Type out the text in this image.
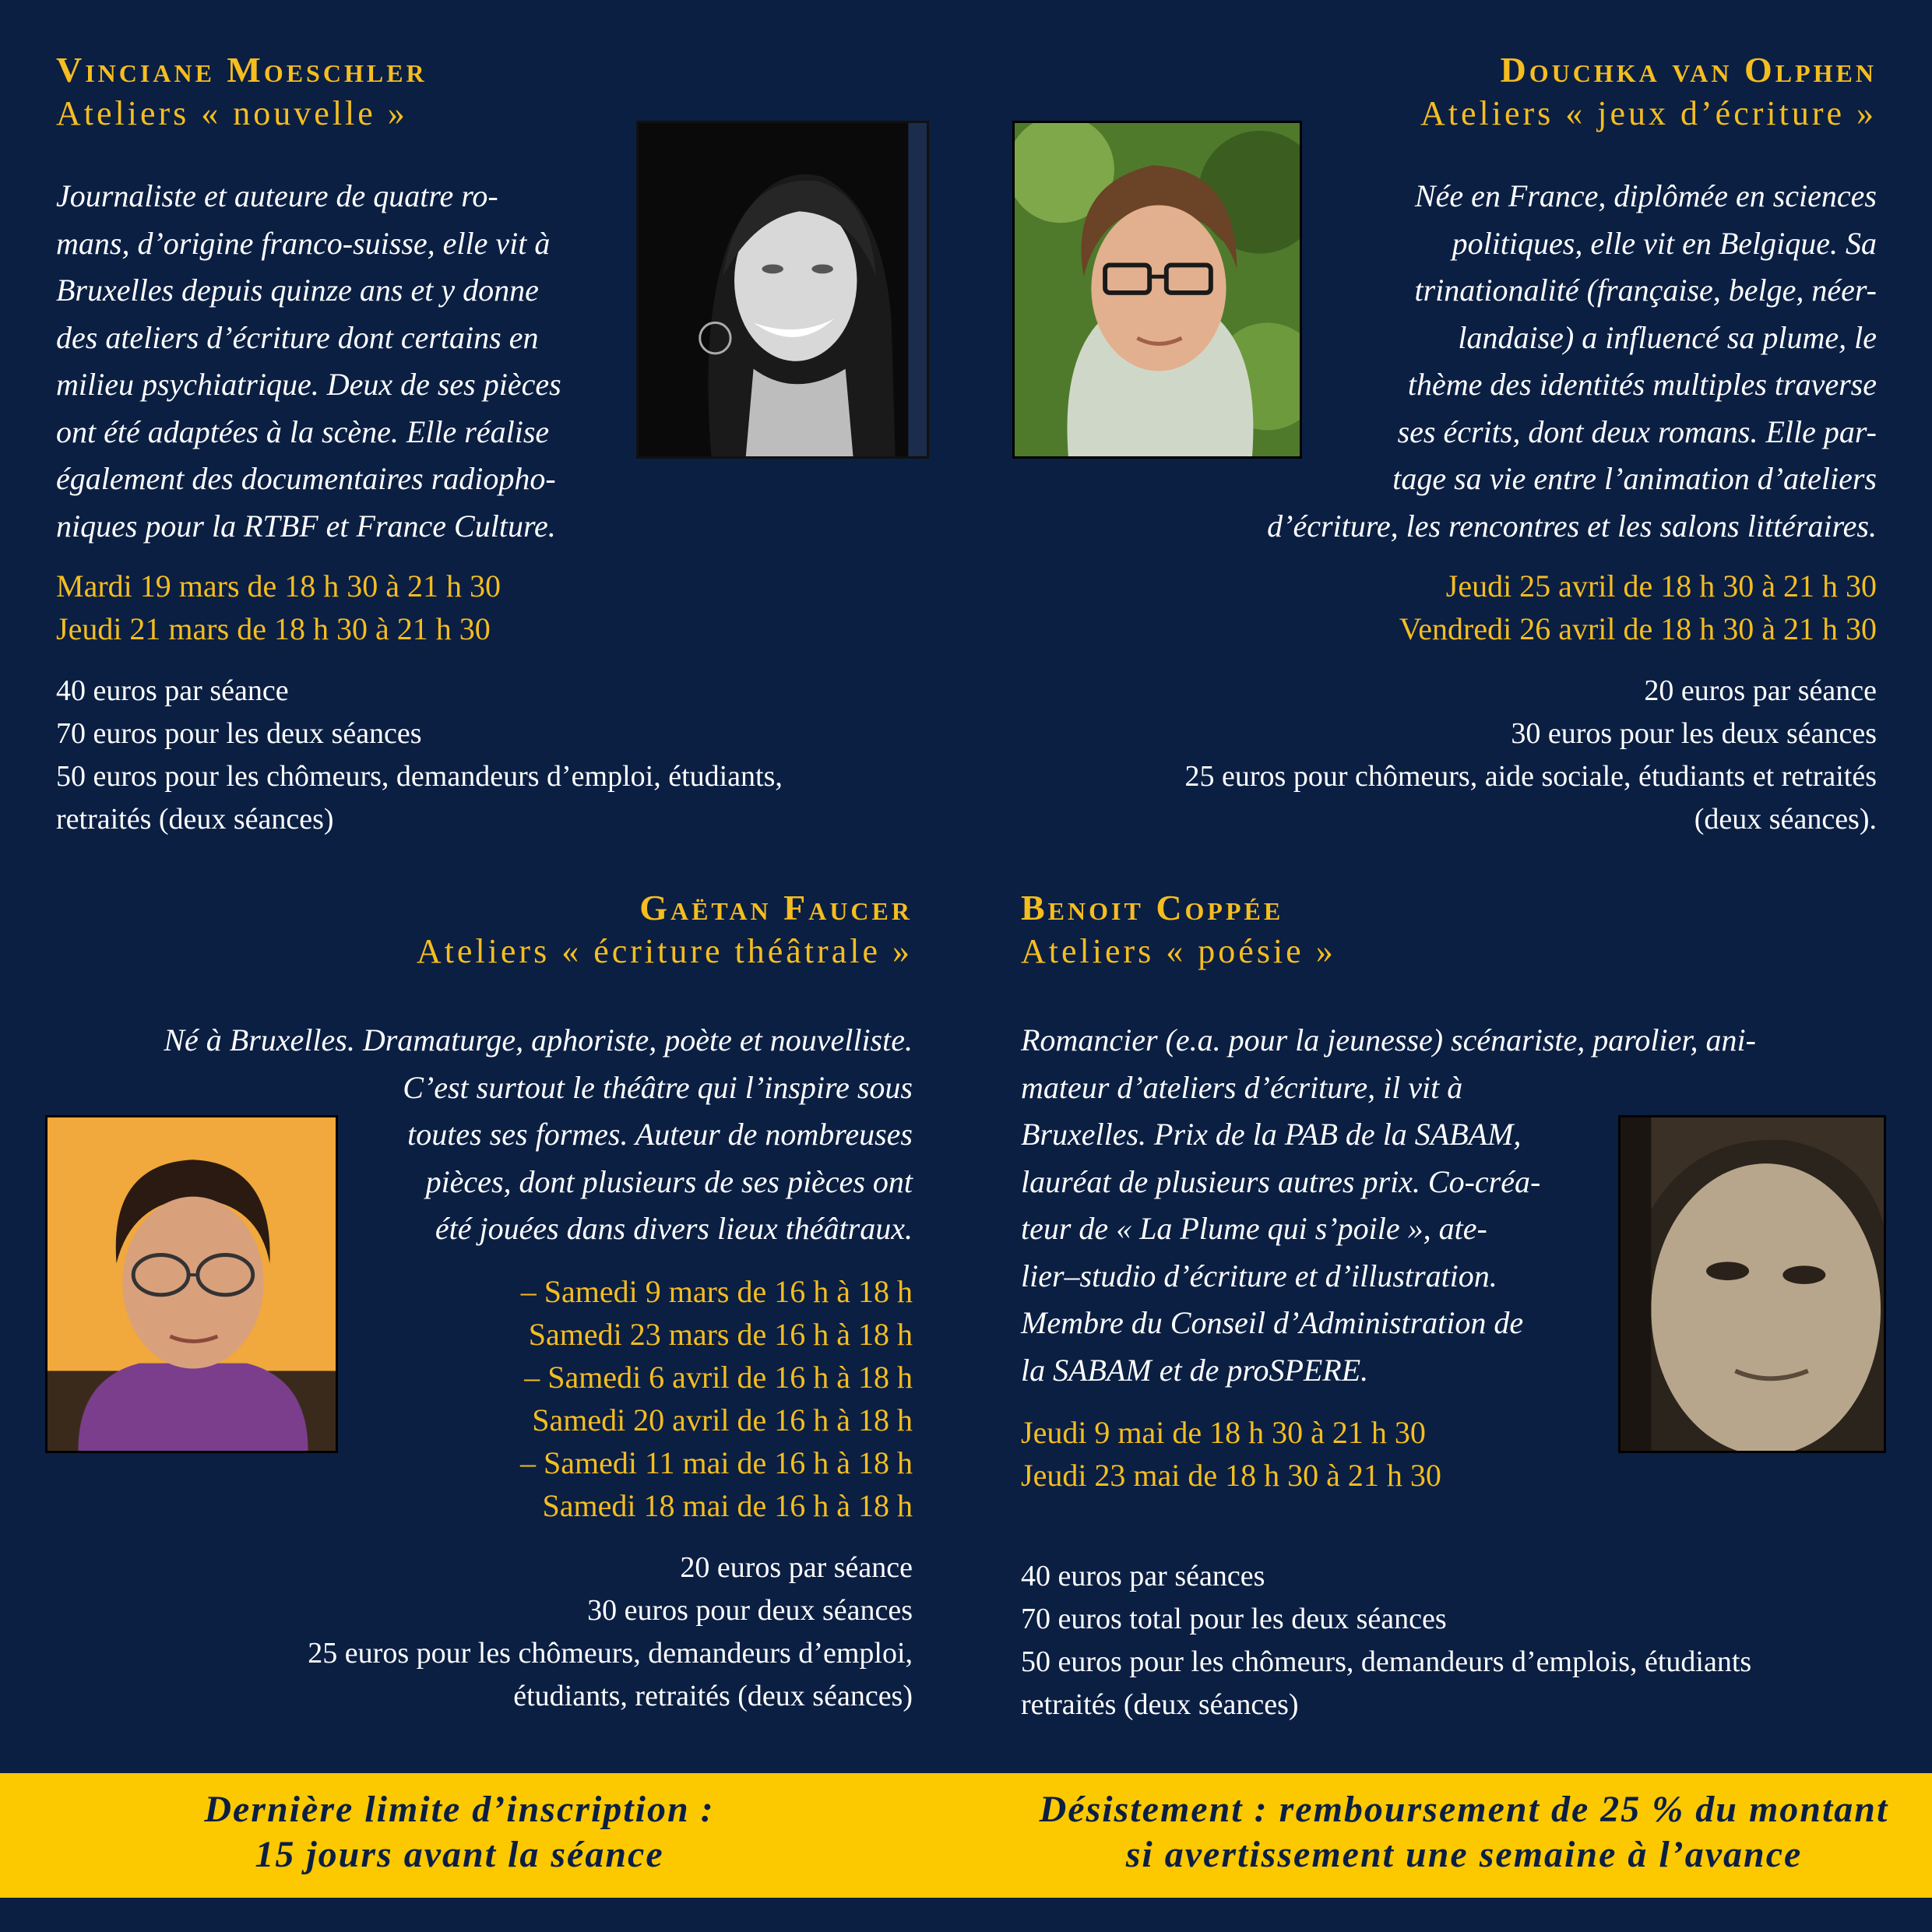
Vinciane Moeschler
Ateliers « nouvelle »
Journaliste et auteure de quatre ro-
mans, d’origine franco-suisse, elle vit à
Bruxelles depuis quinze ans et y donne
des ateliers d’écriture dont certains en
milieu psychiatrique. Deux de ses pièces
ont été adaptées à la scène. Elle réalise
également des documentaires radiopho-
niques pour la RTBF et France Culture.
Mardi 19 mars de 18 h 30 à 21 h 30
Jeudi 21 mars de 18 h 30 à 21 h 30
40 euros par séance
70 euros pour les deux séances
50 euros pour les chômeurs, demandeurs d’emploi, étudiants,
retraités (deux séances)
Douchka van Olphen
Ateliers « jeux d’écriture »
Née en France, diplômée en sciences
politiques, elle vit en Belgique. Sa
trinationalité (française, belge, néer-
landaise) a influencé sa plume, le
thème des identités multiples traverse
ses écrits, dont deux romans. Elle par-
tage sa vie entre l’animation d’ateliers
d’écriture, les rencontres et les salons littéraires.
Jeudi 25 avril de 18 h 30 à 21 h 30
Vendredi 26 avril de 18 h 30 à 21 h 30
20 euros par séance
30 euros pour les deux séances
25 euros pour chômeurs, aide sociale, étudiants et retraités
(deux séances).
Gaëtan Faucer
Ateliers « écriture théâtrale »
Né à Bruxelles. Dramaturge, aphoriste, poète et nouvelliste.
C’est surtout le théâtre qui l’inspire sous
toutes ses formes. Auteur de nombreuses
pièces, dont plusieurs de ses pièces ont
été jouées dans divers lieux théâtraux.
– Samedi 9 mars de 16 h à 18 h
Samedi 23 mars de 16 h à 18 h
– Samedi 6 avril de 16 h à 18 h
Samedi 20 avril de 16 h à 18 h
– Samedi 11 mai de 16 h à 18 h
Samedi 18 mai de 16 h à 18 h
20 euros par séance
30 euros pour deux séances
25 euros pour les chômeurs, demandeurs d’emploi,
étudiants, retraités (deux séances)
Benoit Coppée
Ateliers « poésie »
Romancier (e.a. pour la jeunesse) scénariste, parolier, ani-
mateur d’ateliers d’écriture, il vit à
Bruxelles. Prix de la PAB de la SABAM,
lauréat de plusieurs autres prix. Co-créa-
teur de « La Plume qui s’poile », ate-
lier–studio d’écriture et d’illustration.
Membre du Conseil d’Administration de
la SABAM et de proSPERE.
Jeudi 9 mai de 18 h 30 à 21 h 30
Jeudi 23 mai de 18 h 30 à 21 h 30
40 euros par séances
70 euros total pour les deux séances
50 euros pour les chômeurs, demandeurs d’emplois, étudiants
retraités (deux séances)
Dernière limite d’inscription :
15 jours avant la séance
Désistement : remboursement de 25 % du montant
si avertissement une semaine à l’avance
